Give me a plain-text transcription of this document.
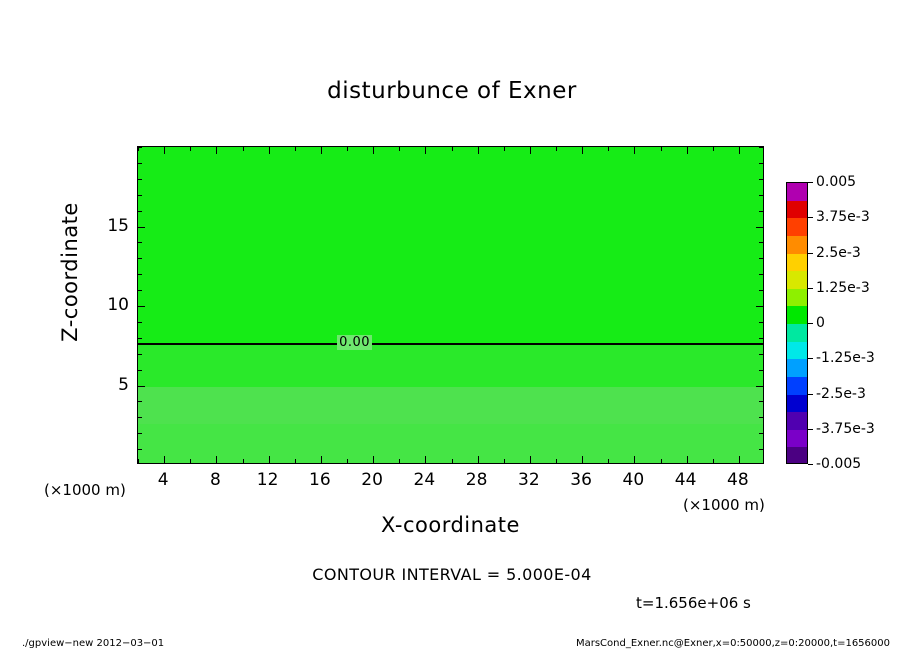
disturbunce of Exner
0.00
4 8 12 16 20 24 28 32 36 40 44 48
5
10
15
X-coordinate
Z-coordinate
(×1000 m)
(×1000 m)
0.005
3.75e-3
2.5e-3
1.25e-3
0
-1.25e-3
-2.5e-3
-3.75e-3
-0.005
CONTOUR INTERVAL = 5.000E-04
t=1.656e+06 s
./gpview−new 2012−03−01	MarsCond_Exner.nc@Exner,x=0:50000,z=0:20000,t=1656000
